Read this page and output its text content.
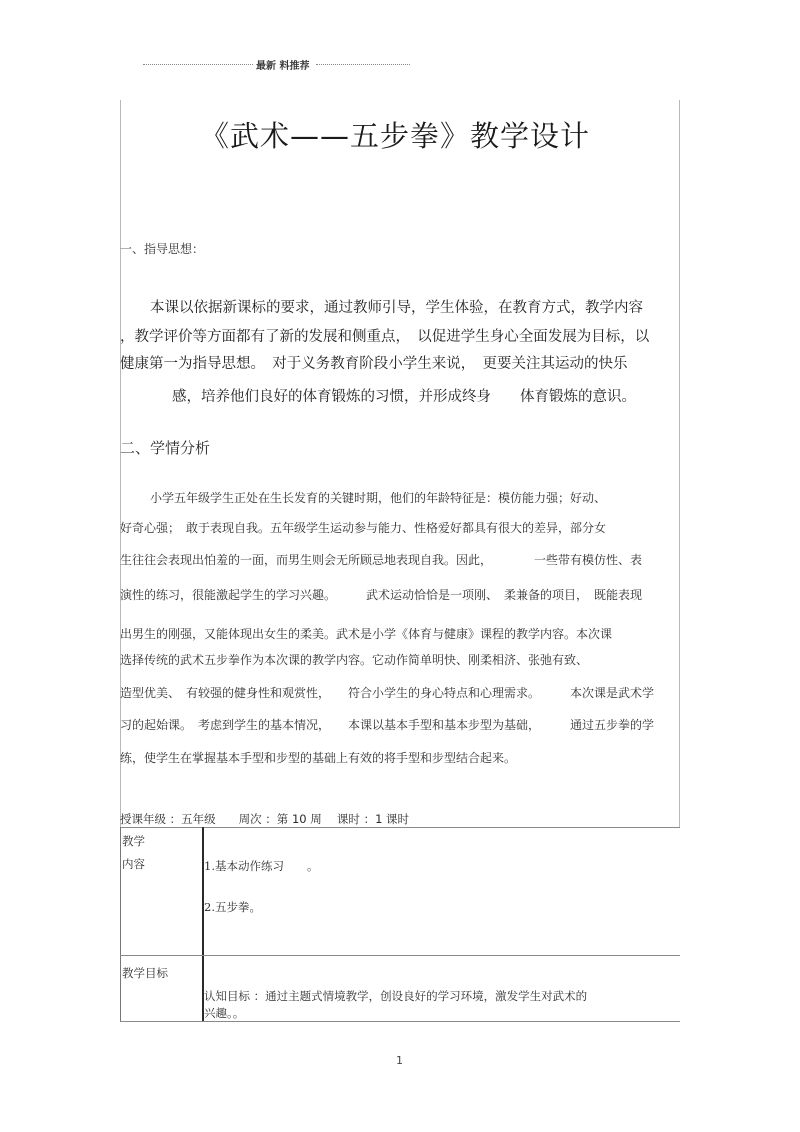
最新 料推荐
《武术——五步拳》教学设计
一、指导思想：
本课以依据新课标的要求，通过教师引导，学生体验，在教育方式，教学内容
，教学评价等方面都有了新的发展和侧重点，　以促进学生身心全面发展为目标，以
健康第一为指导思想。　对于义务教育阶段小学生来说，　更要关注其运动的快乐
感，培养他们良好的体育锻炼的习惯，并形成终身　　体育锻炼的意识。
二、学情分析
小学五年级学生正处在生长发育的关键时期，他们的年龄特征是：模仿能力强；好动、
好奇心强；　敢于表现自我。五年级学生运动参与能力、性格爱好都具有很大的差异，部分女
生往往会表现出怕羞的一面，而男生则会无所顾忌地表现自我。因此，　　　　一些带有模仿性、表
演性的练习，很能激起学生的学习兴趣。　　　武术运动恰恰是一项刚、　柔兼备的项目，　既能表现
出男生的刚强，又能体现出女生的柔美。武术是小学《体育与健康》课程的教学内容。本次课
选择传统的武术五步拳作为本次课的教学内容。它动作简单明快、刚柔相济、张弛有致、
造型优美、　有较强的健身性和观赏性，　　符合小学生的身心特点和心理需求。　　　本次课是武术学
习的起始课。　考虑到学生的基本情况，　　本课以基本手型和基本步型为基础，　　　通过五步拳的学
练，使学生在掌握基本手型和步型的基础上有效的将手型和步型结合起来。
授课年级 ：五年级　　周次 ：第 10 周　 课时 ：1 课时
教学
内容	1.基本动作练习　　。
2.五步拳。
教学目标
认知目标 ：通过主题式情境教学，创设良好的学习环境，激发学生对武术的
兴趣。。
1
